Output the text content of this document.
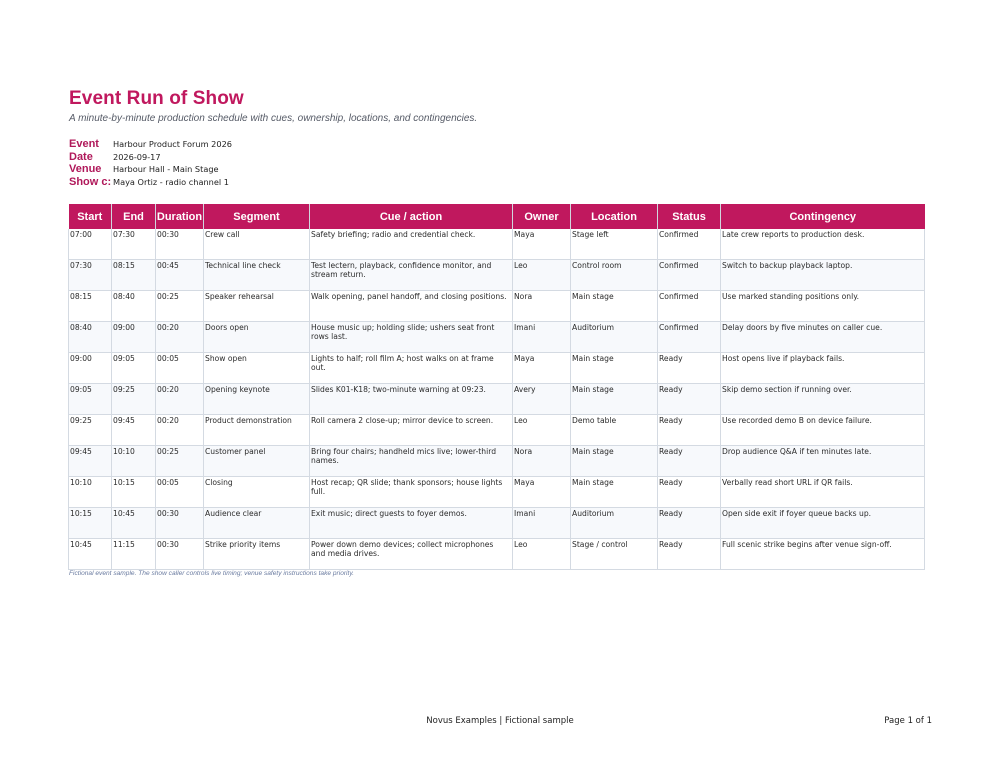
Event Run of Show
A minute-by-minute production schedule with cues, ownership, locations, and contingencies.
Event	Harbour Product Forum 2026
Date	2026-09-17
Venue	Harbour Hall - Main Stage
Show c: Maya Ortiz - radio channel 1
Start	End	Duration	Segment	Cue / action	Owner	Location	Status	Contingency
07:00	07:30	00:30	Crew call	Safety briefing; radio and credential check.	Maya	Stage left	Confirmed	Late crew reports to production desk.
07:30	08:15	00:45	Technical line check	Test lectern, playback, confidence monitor, and stream return.	Leo	Control room	Confirmed	Switch to backup playback laptop.
08:15	08:40	00:25	Speaker rehearsal	Walk opening, panel handoff, and closing positions.	Nora	Main stage	Confirmed	Use marked standing positions only.
08:40	09:00	00:20	Doors open	House music up; holding slide; ushers seat front rows last.	Imani	Auditorium	Confirmed	Delay doors by five minutes on caller cue.
09:00	09:05	00:05	Show open	Lights to half; roll film A; host walks on at frame out.	Maya	Main stage	Ready	Host opens live if playback fails.
09:05	09:25	00:20	Opening keynote	Slides K01-K18; two-minute warning at 09:23.	Avery	Main stage	Ready	Skip demo section if running over.
09:25	09:45	00:20	Product demonstration	Roll camera 2 close-up; mirror device to screen.	Leo	Demo table	Ready	Use recorded demo B on device failure.
09:45	10:10	00:25	Customer panel	Bring four chairs; handheld mics live; lower-third names.	Nora	Main stage	Ready	Drop audience Q&A if ten minutes late.
10:10	10:15	00:05	Closing	Host recap; QR slide; thank sponsors; house lights full.	Maya	Main stage	Ready	Verbally read short URL if QR fails.
10:15	10:45	00:30	Audience clear	Exit music; direct guests to foyer demos.	Imani	Auditorium	Ready	Open side exit if foyer queue backs up.
10:45	11:15	00:30	Strike priority items	Power down demo devices; collect microphones and media drives.	Leo	Stage / control	Ready	Full scenic strike begins after venue sign-off.
Fictional event sample. The show caller controls live timing; venue safety instructions take priority.
Novus Examples | Fictional sample	Page 1 of 1
